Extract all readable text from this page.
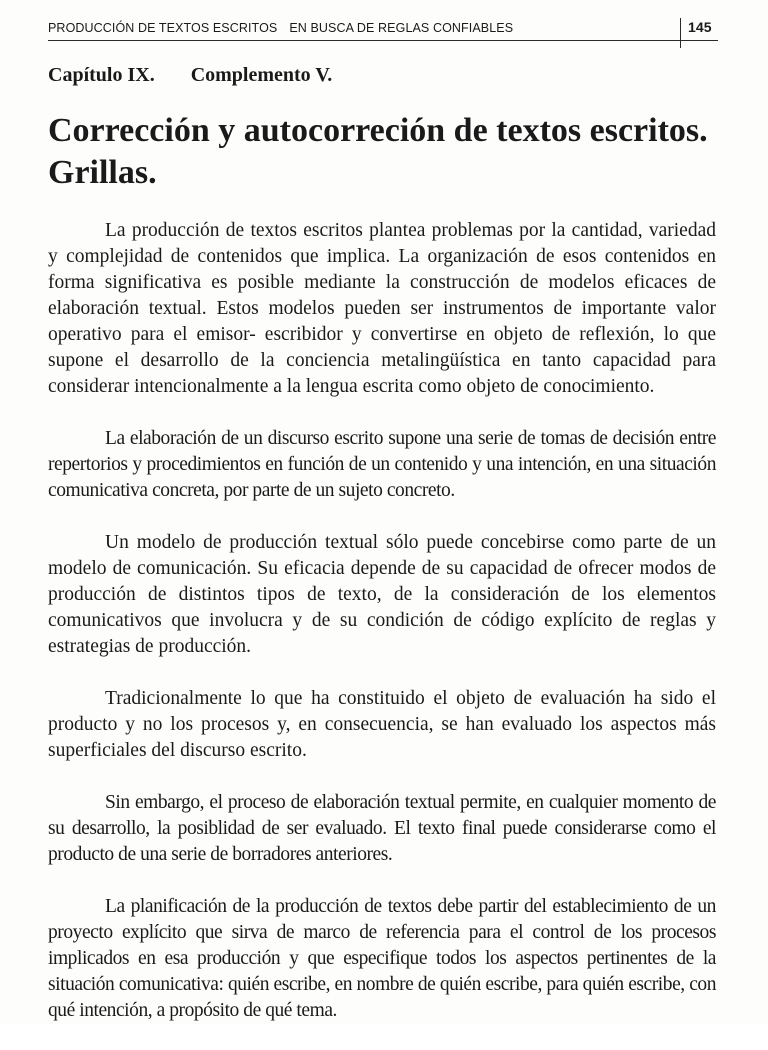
PRODUCCIÓN DE TEXTOS ESCRITOS EN BUSCA DE REGLAS CONFIABLES	145
Capítulo IX. Complemento V.
Corrección y autocorreción de textos escritos.
Grillas.

La producción de textos escritos plantea problemas por la cantidad, variedad y complejidad de contenidos que implica. La organización de esos contenidos en forma significativa es posible mediante la construcción de modelos eficaces de elaboración textual. Estos modelos pueden ser instrumentos de importante valor operativo para el emisor- escribidor y convertirse en objeto de reflexión, lo que supone el desarrollo de la conciencia metalingüística en tanto capacidad para considerar intencionalmente a la lengua escrita como objeto de conocimiento.

La elaboración de un discurso escrito supone una serie de tomas de decisión entre repertorios y procedimientos en función de un contenido y una intención, en una situación comunicativa concreta, por parte de un sujeto concreto.

Un modelo de producción textual sólo puede concebirse como parte de un modelo de comunicación. Su eficacia depende de su capacidad de ofrecer modos de producción de distintos tipos de texto, de la consideración de los elementos comunicativos que involucra y de su condición de código explícito de reglas y estrategias de producción.

Tradicionalmente lo que ha constituido el objeto de evaluación ha sido el producto y no los procesos y, en consecuencia, se han evaluado los aspectos más superficiales del discurso escrito.

Sin embargo, el proceso de elaboración textual permite, en cualquier momento de su desarrollo, la posiblidad de ser evaluado. El texto final puede considerarse como el producto de una serie de borradores anteriores.

La planificación de la producción de textos debe partir del establecimiento de un proyecto explícito que sirva de marco de referencia para el control de los procesos implicados en esa producción y que especifique todos los aspectos pertinentes de la situación comunicativa: quién escribe, en nombre de quién escribe, para quién escribe, con qué intención, a propósito de qué tema.
